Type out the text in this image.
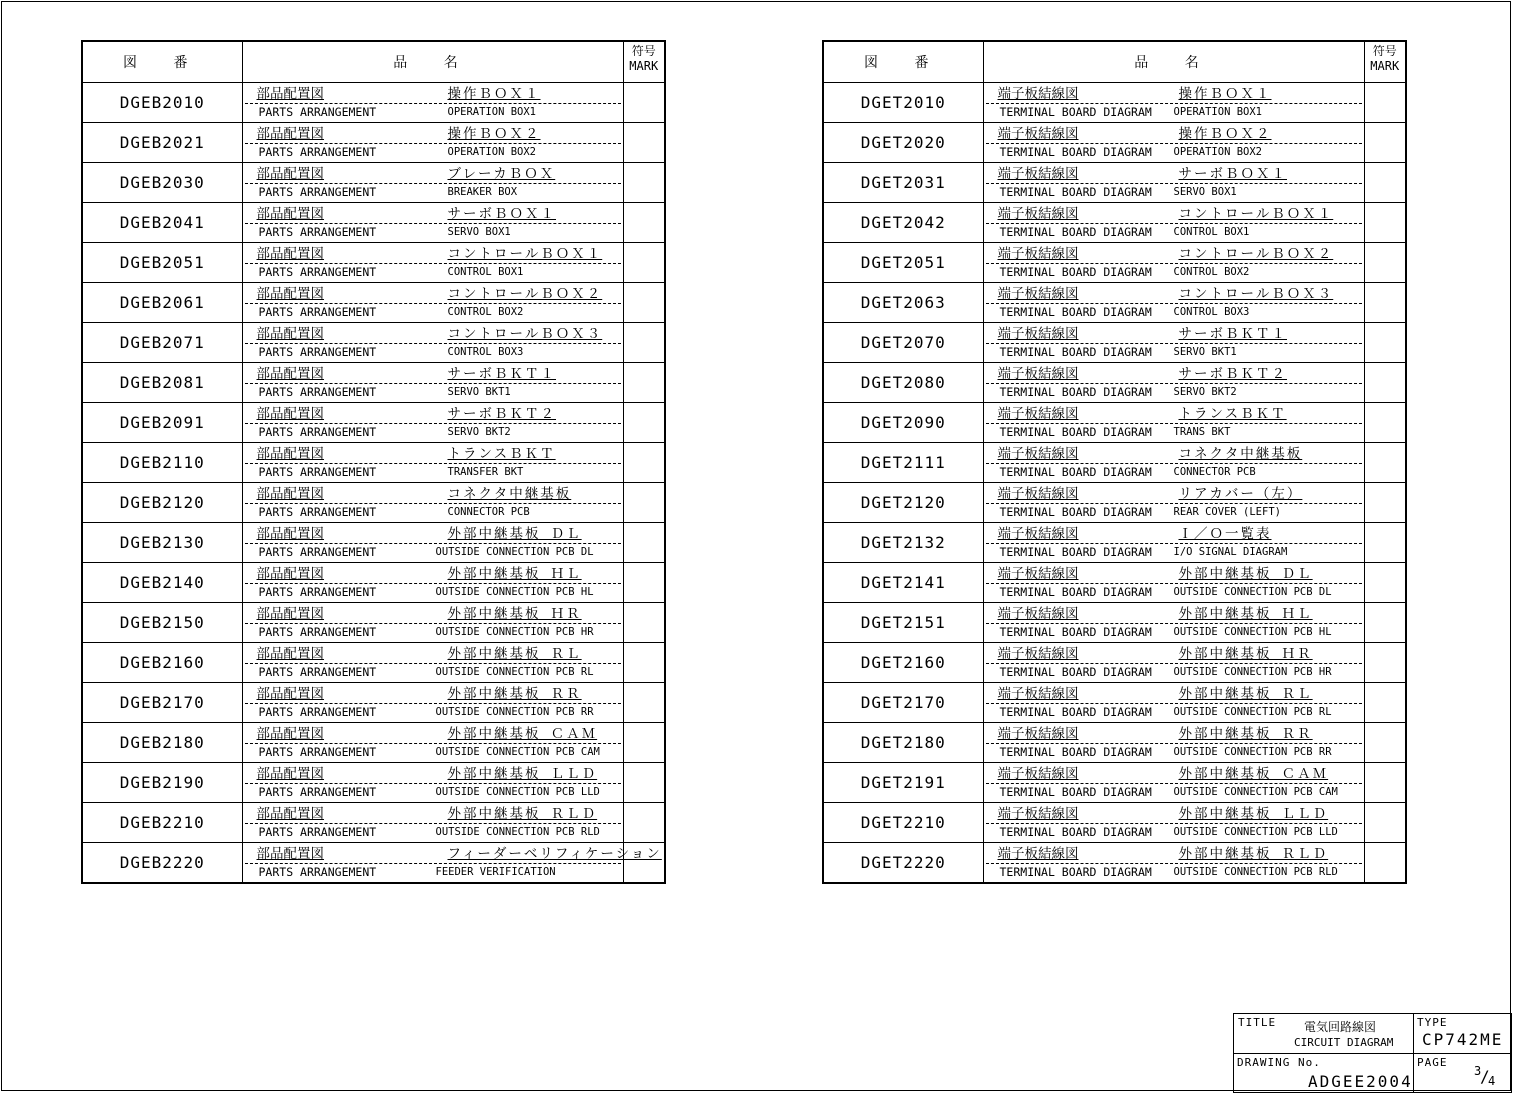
図 番	品 名	符号
MARK

DGEB2010	部品配置図 操作ＢＯＸ１
PARTS ARRANGEMENT OPERATION BOX1	

DGEB2021	部品配置図 操作ＢＯＸ２
PARTS ARRANGEMENT OPERATION BOX2	

DGEB2030	部品配置図 ブレーカＢＯＸ
PARTS ARRANGEMENT BREAKER BOX	

DGEB2041	部品配置図 サーボＢＯＸ１
PARTS ARRANGEMENT SERVO BOX1	

DGEB2051	部品配置図 コントロールＢＯＸ１
PARTS ARRANGEMENT CONTROL BOX1	

DGEB2061	部品配置図 コントロールＢＯＸ２
PARTS ARRANGEMENT CONTROL BOX2	

DGEB2071	部品配置図 コントロールＢＯＸ３
PARTS ARRANGEMENT CONTROL BOX3	

DGEB2081	部品配置図 サーボＢＫＴ１
PARTS ARRANGEMENT SERVO BKT1	

DGEB2091	部品配置図 サーボＢＫＴ２
PARTS ARRANGEMENT SERVO BKT2	

DGEB2110	部品配置図 トランスＢＫＴ
PARTS ARRANGEMENT TRANSFER BKT	

DGEB2120	部品配置図 コネクタ中継基板
PARTS ARRANGEMENT CONNECTOR PCB	

DGEB2130	部品配置図 外部中継基板 ＤＬ
PARTS ARRANGEMENT OUTSIDE CONNECTION PCB DL	

DGEB2140	部品配置図 外部中継基板 ＨＬ
PARTS ARRANGEMENT OUTSIDE CONNECTION PCB HL	

DGEB2150	部品配置図 外部中継基板 ＨＲ
PARTS ARRANGEMENT OUTSIDE CONNECTION PCB HR	

DGEB2160	部品配置図 外部中継基板 ＲＬ
PARTS ARRANGEMENT OUTSIDE CONNECTION PCB RL	

DGEB2170	部品配置図 外部中継基板 ＲＲ
PARTS ARRANGEMENT OUTSIDE CONNECTION PCB RR	

DGEB2180	部品配置図 外部中継基板 ＣＡＭ
PARTS ARRANGEMENT OUTSIDE CONNECTION PCB CAM	

DGEB2190	部品配置図 外部中継基板 ＬＬＤ
PARTS ARRANGEMENT OUTSIDE CONNECTION PCB LLD	

DGEB2210	部品配置図 外部中継基板 ＲＬＤ
PARTS ARRANGEMENT OUTSIDE CONNECTION PCB RLD	

DGEB2220	部品配置図 フィーダーベリフィケーション
PARTS ARRANGEMENT FEEDER VERIFICATION	

図 番	品 名	符号
MARK

DGET2010	端子板結線図 操作ＢＯＸ１
TERMINAL BOARD DIAGRAM OPERATION BOX1	

DGET2020	端子板結線図 操作ＢＯＸ２
TERMINAL BOARD DIAGRAM OPERATION BOX2	

DGET2031	端子板結線図 サーボＢＯＸ１
TERMINAL BOARD DIAGRAM SERVO BOX1	

DGET2042	端子板結線図 コントロールＢＯＸ１
TERMINAL BOARD DIAGRAM CONTROL BOX1	

DGET2051	端子板結線図 コントロールＢＯＸ２
TERMINAL BOARD DIAGRAM CONTROL BOX2	

DGET2063	端子板結線図 コントロールＢＯＸ３
TERMINAL BOARD DIAGRAM CONTROL BOX3	

DGET2070	端子板結線図 サーボＢＫＴ１
TERMINAL BOARD DIAGRAM SERVO BKT1	

DGET2080	端子板結線図 サーボＢＫＴ２
TERMINAL BOARD DIAGRAM SERVO BKT2	

DGET2090	端子板結線図 トランスＢＫＴ
TERMINAL BOARD DIAGRAM TRANS BKT	

DGET2111	端子板結線図 コネクタ中継基板
TERMINAL BOARD DIAGRAM CONNECTOR PCB	

DGET2120	端子板結線図 リアカバー（左）
TERMINAL BOARD DIAGRAM REAR COVER (LEFT)	

DGET2132	端子板結線図 Ｉ／Ｏ一覧表
TERMINAL BOARD DIAGRAM I/O SIGNAL DIAGRAM	

DGET2141	端子板結線図 外部中継基板 ＤＬ
TERMINAL BOARD DIAGRAM OUTSIDE CONNECTION PCB DL	

DGET2151	端子板結線図 外部中継基板 ＨＬ
TERMINAL BOARD DIAGRAM OUTSIDE CONNECTION PCB HL	

DGET2160	端子板結線図 外部中継基板 ＨＲ
TERMINAL BOARD DIAGRAM OUTSIDE CONNECTION PCB HR	

DGET2170	端子板結線図 外部中継基板 ＲＬ
TERMINAL BOARD DIAGRAM OUTSIDE CONNECTION PCB RL	

DGET2180	端子板結線図 外部中継基板 ＲＲ
TERMINAL BOARD DIAGRAM OUTSIDE CONNECTION PCB RR	

DGET2191	端子板結線図 外部中継基板 ＣＡＭ
TERMINAL BOARD DIAGRAM OUTSIDE CONNECTION PCB CAM	

DGET2210	端子板結線図 外部中継基板 ＬＬＤ
TERMINAL BOARD DIAGRAM OUTSIDE CONNECTION PCB LLD	

DGET2220	端子板結線図 外部中継基板 ＲＬＤ
TERMINAL BOARD DIAGRAM OUTSIDE CONNECTION PCB RLD	

TITLE 電気回路線図
CIRCUIT DIAGRAM
TYPE
CP742ME
DRAWING No.
ADGEE2004
PAGE
3
/
4
